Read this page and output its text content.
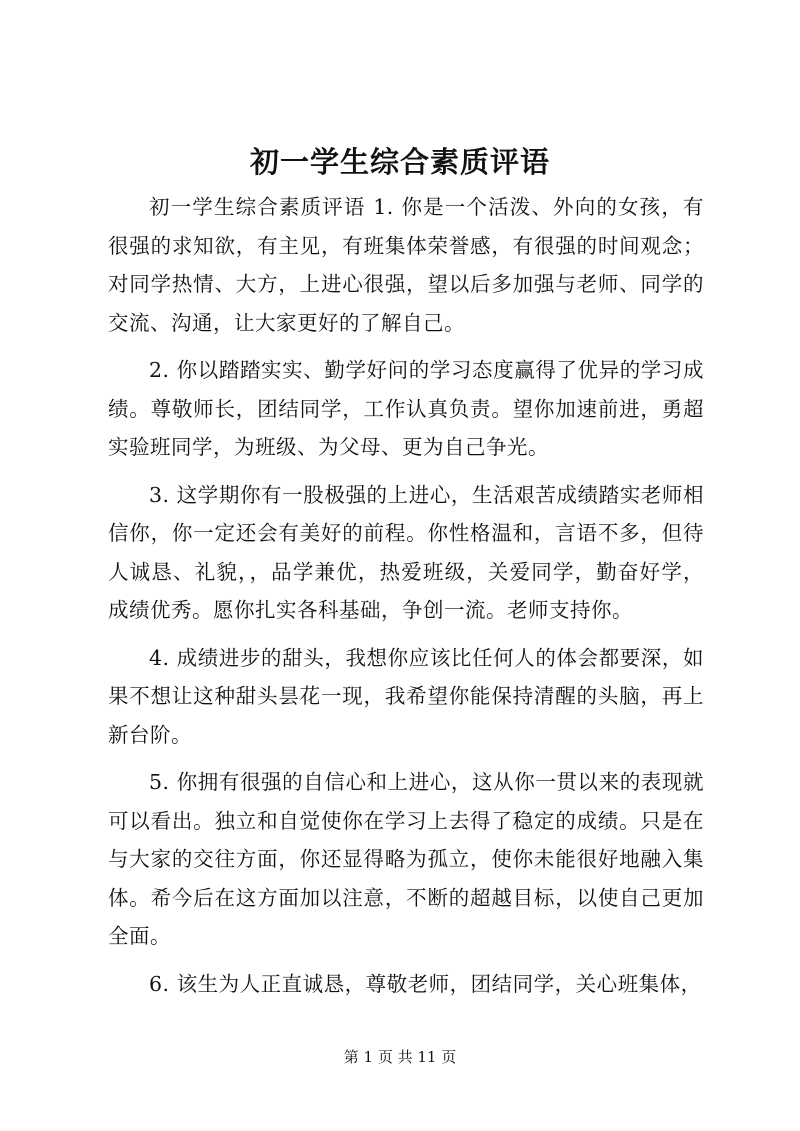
初一学生综合素质评语

初一学生综合素质评语 1. 你是一个活泼、外向的女孩，有很强的求知欲，有主见，有班集体荣誉感，有很强的时间观念；对同学热情、大方，上进心很强，望以后多加强与老师、同学的交流、沟通，让大家更好的了解自己。

2. 你以踏踏实实、勤学好问的学习态度赢得了优异的学习成绩。尊敬师长，团结同学，工作认真负责。望你加速前进，勇超实验班同学，为班级、为父母、更为自己争光。

3. 这学期你有一股极强的上进心，生活艰苦成绩踏实老师相信你，你一定还会有美好的前程。你性格温和，言语不多，但待人诚恳、礼貌，，品学兼优，热爱班级，关爱同学，勤奋好学，成绩优秀。愿你扎实各科基础，争创一流。老师支持你。

4. 成绩进步的甜头，我想你应该比任何人的体会都要深，如果不想让这种甜头昙花一现，我希望你能保持清醒的头脑，再上新台阶。

5. 你拥有很强的自信心和上进心，这从你一贯以来的表现就可以看出。独立和自觉使你在学习上去得了稳定的成绩。只是在与大家的交往方面，你还显得略为孤立，使你未能很好地融入集体。希今后在这方面加以注意，不断的超越目标，以使自己更加全面。

6. 该生为人正直诚恳，尊敬老师，团结同学，关心班集体，

第 1 页 共 11 页
